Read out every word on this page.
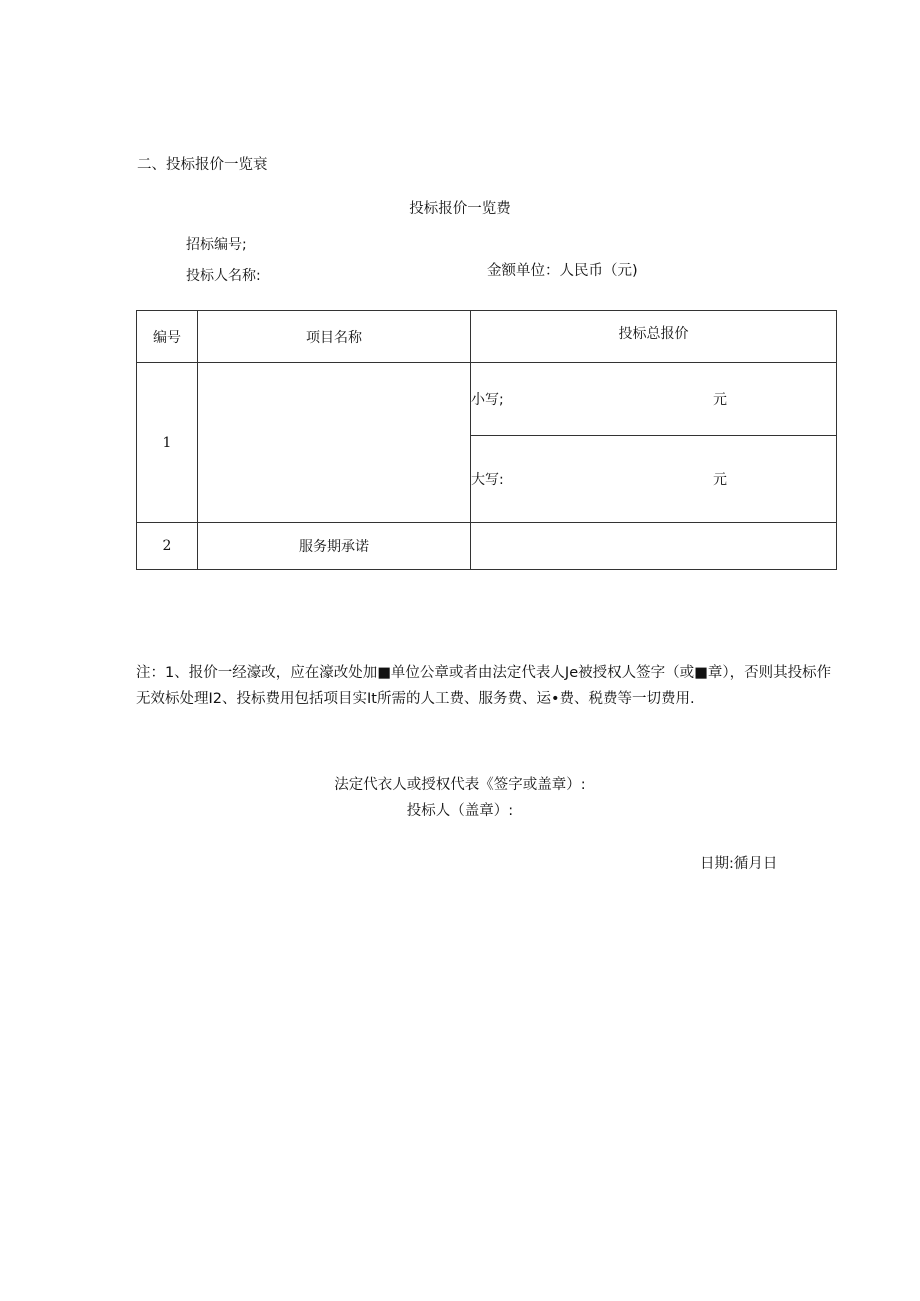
二、投标报价一览衰
投标报价一览费
招标编号;
投标人名称:	金额单位：人民币（元)
编号	项目名称	投标总报价
1		小写; 元

		大写: 元

2	服务期承诺	
注：1、报价一经濠改，应在濠改处加■单位公章或者由法定代表人Je被授权人签字（或■章），否则其投标作无效标处理I2、投标费用包括项目实It所需的人工费、服务费、运•费、税费等一切费用.
法定代衣人或授权代表《签字或盖章）:
投标人（盖章）:
日期:循月日
